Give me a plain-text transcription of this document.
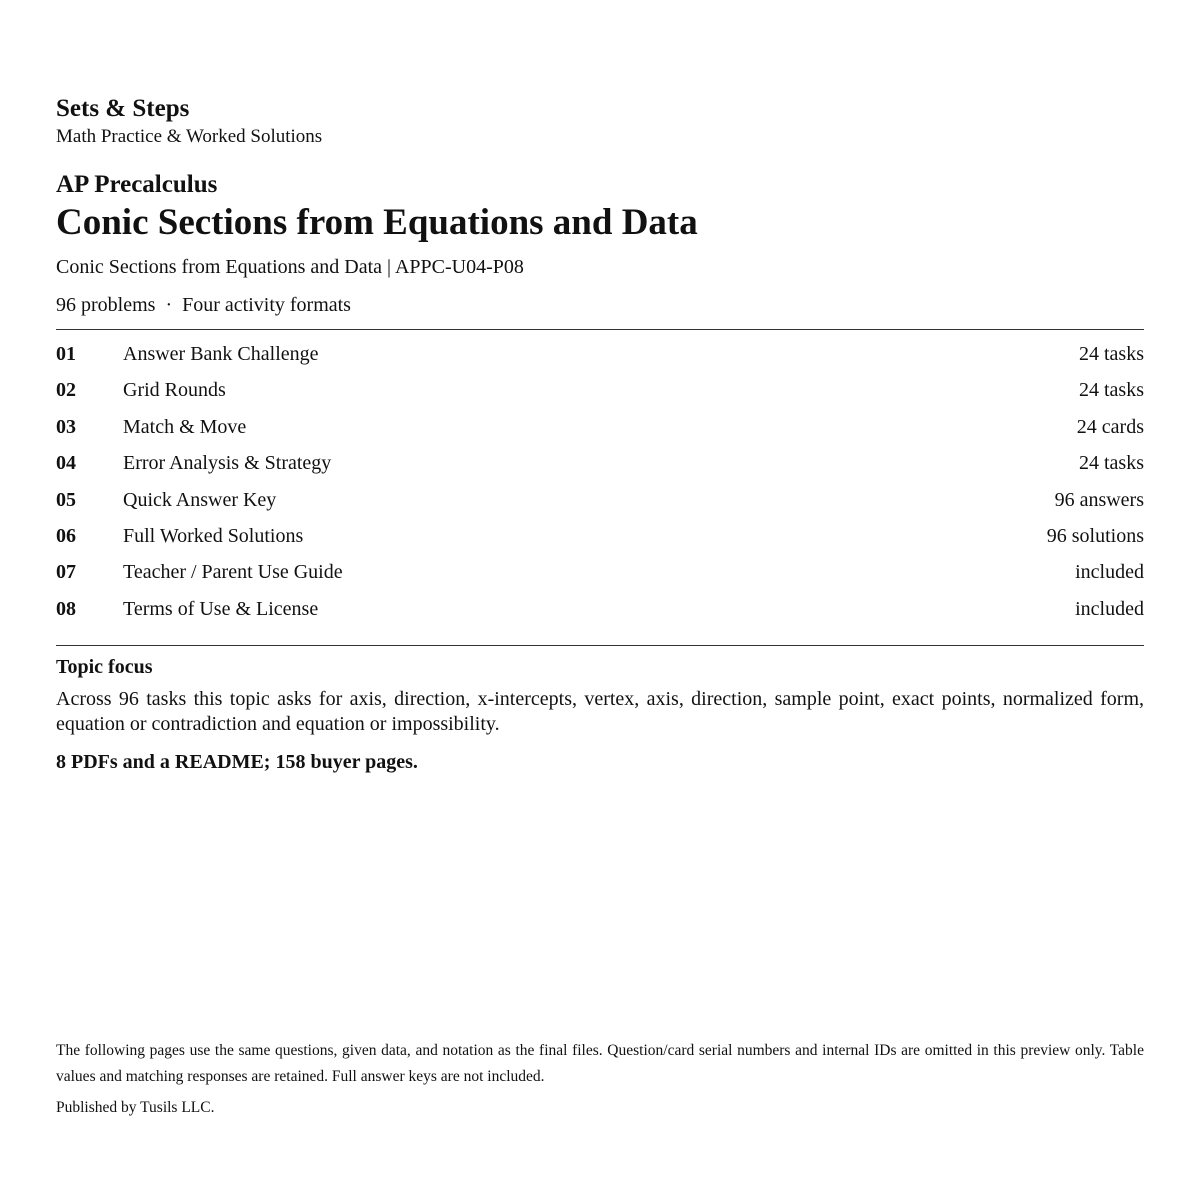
Sets & Steps
Math Practice & Worked Solutions
AP Precalculus
Conic Sections from Equations and Data
Conic Sections from Equations and Data | APPC-U04-P08
96 problems · Four activity formats
01 Answer Bank Challenge	24 tasks
02 Grid Rounds	24 tasks
03 Match & Move	24 cards
04 Error Analysis & Strategy	24 tasks
05 Quick Answer Key	96 answers
06 Full Worked Solutions	96 solutions
07 Teacher / Parent Use Guide	included
08 Terms of Use & License	included
Topic focus
Across 96 tasks this topic asks for axis, direction, x-intercepts, vertex, axis, direction, sample point, exact points, normalized form, equation or contradiction and equation or impossibility.
8 PDFs and a README; 158 buyer pages.
The following pages use the same questions, given data, and notation as the final files. Question/card serial numbers and internal IDs are omitted in this preview only. Table values and matching responses are retained. Full answer keys are not included.
Published by Tusils LLC.
